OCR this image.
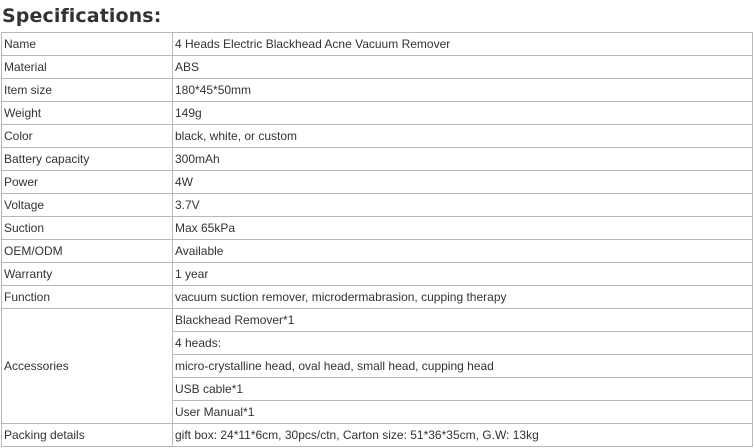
Specifications:
Name	4 Heads Electric Blackhead Acne Vacuum Remover
Material	ABS
Item size	180*45*50mm
Weight	149g
Color	black, white, or custom
Battery capacity	300mAh
Power	4W
Voltage	3.7V
Suction	Max 65kPa
OEM/ODM	Available
Warranty	1 year
Function	vacuum suction remover, microdermabrasion, cupping therapy
Accessories	Blackhead Remover*1
	4 heads:
	micro-crystalline head, oval head, small head, cupping head
	USB cable*1
	User Manual*1
Packing details	gift box: 24*11*6cm, 30pcs/ctn, Carton size: 51*36*35cm, G.W: 13kg
